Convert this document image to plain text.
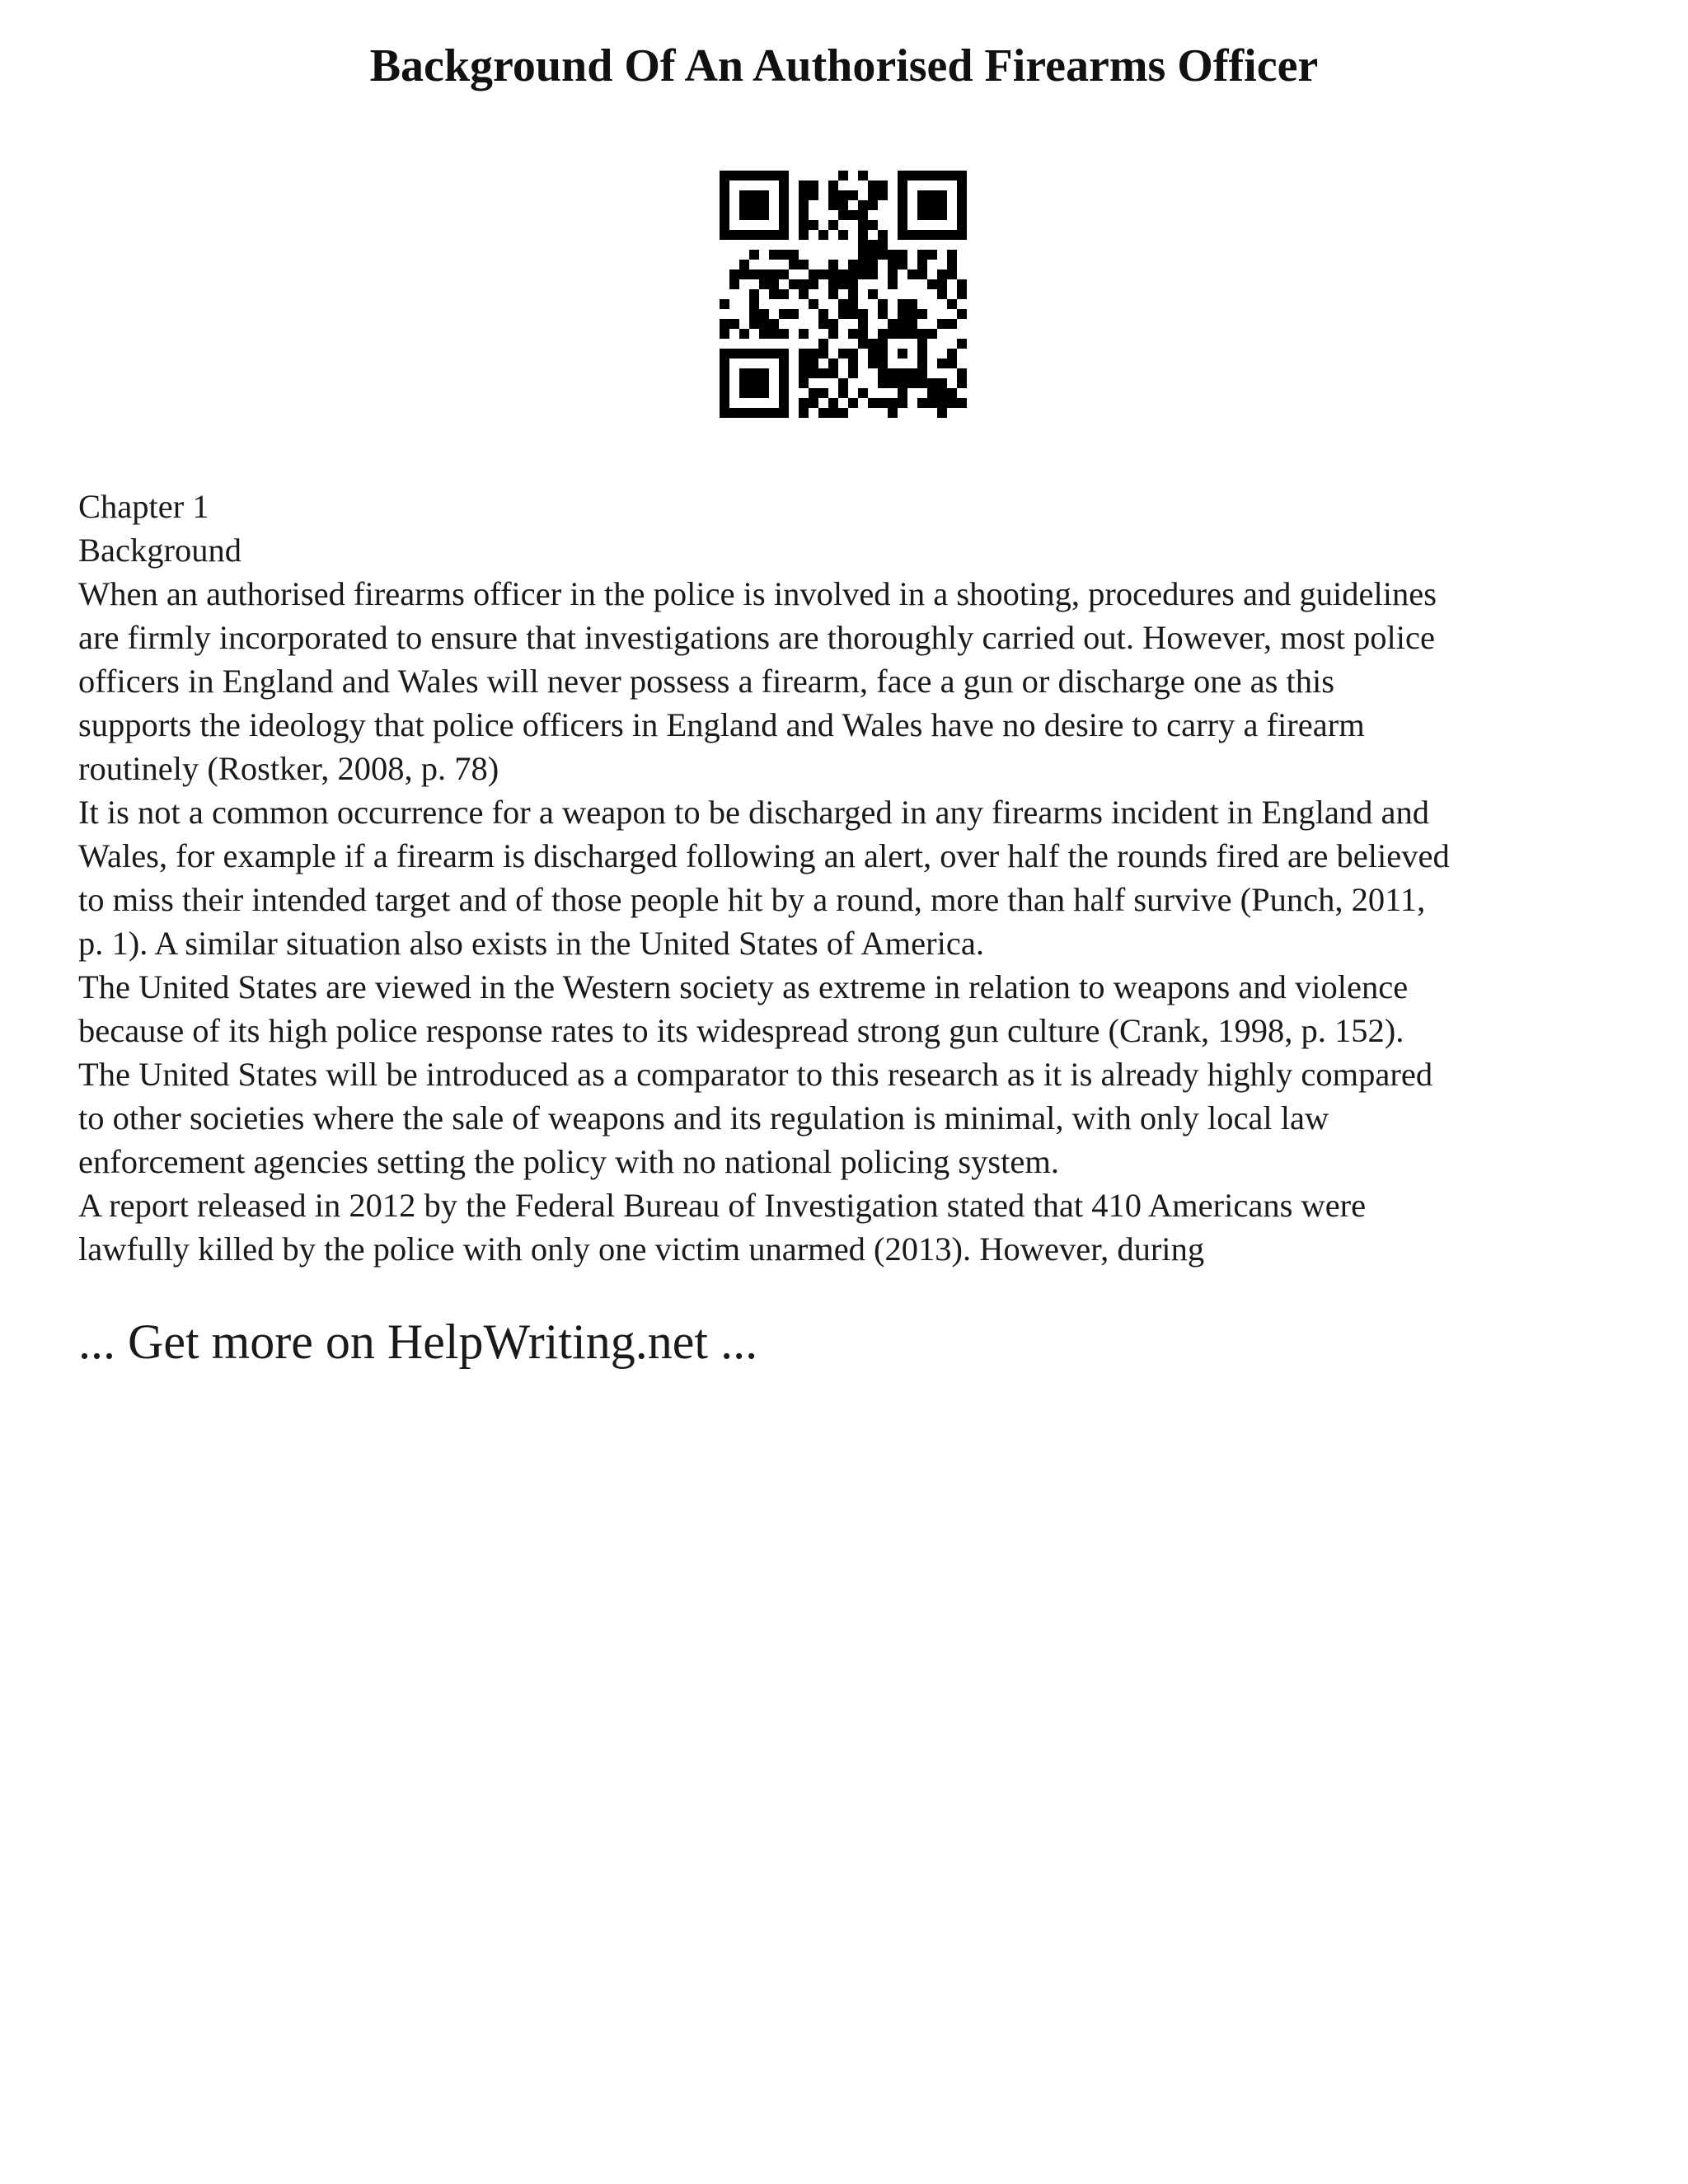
Background Of An Authorised Firearms Officer
Chapter 1
Background
When an authorised firearms officer in the police is involved in a shooting, procedures and guidelines
are firmly incorporated to ensure that investigations are thoroughly carried out. However, most police
officers in England and Wales will never possess a firearm, face a gun or discharge one as this
supports the ideology that police officers in England and Wales have no desire to carry a firearm
routinely (Rostker, 2008, p. 78)
It is not a common occurrence for a weapon to be discharged in any firearms incident in England and
Wales, for example if a firearm is discharged following an alert, over half the rounds fired are believed
to miss their intended target and of those people hit by a round, more than half survive (Punch, 2011,
p. 1). A similar situation also exists in the United States of America.
The United States are viewed in the Western society as extreme in relation to weapons and violence
because of its high police response rates to its widespread strong gun culture (Crank, 1998, p. 152).
The United States will be introduced as a comparator to this research as it is already highly compared
to other societies where the sale of weapons and its regulation is minimal, with only local law
enforcement agencies setting the policy with no national policing system.
A report released in 2012 by the Federal Bureau of Investigation stated that 410 Americans were
lawfully killed by the police with only one victim unarmed (2013). However, during
... Get more on HelpWriting.net ...
